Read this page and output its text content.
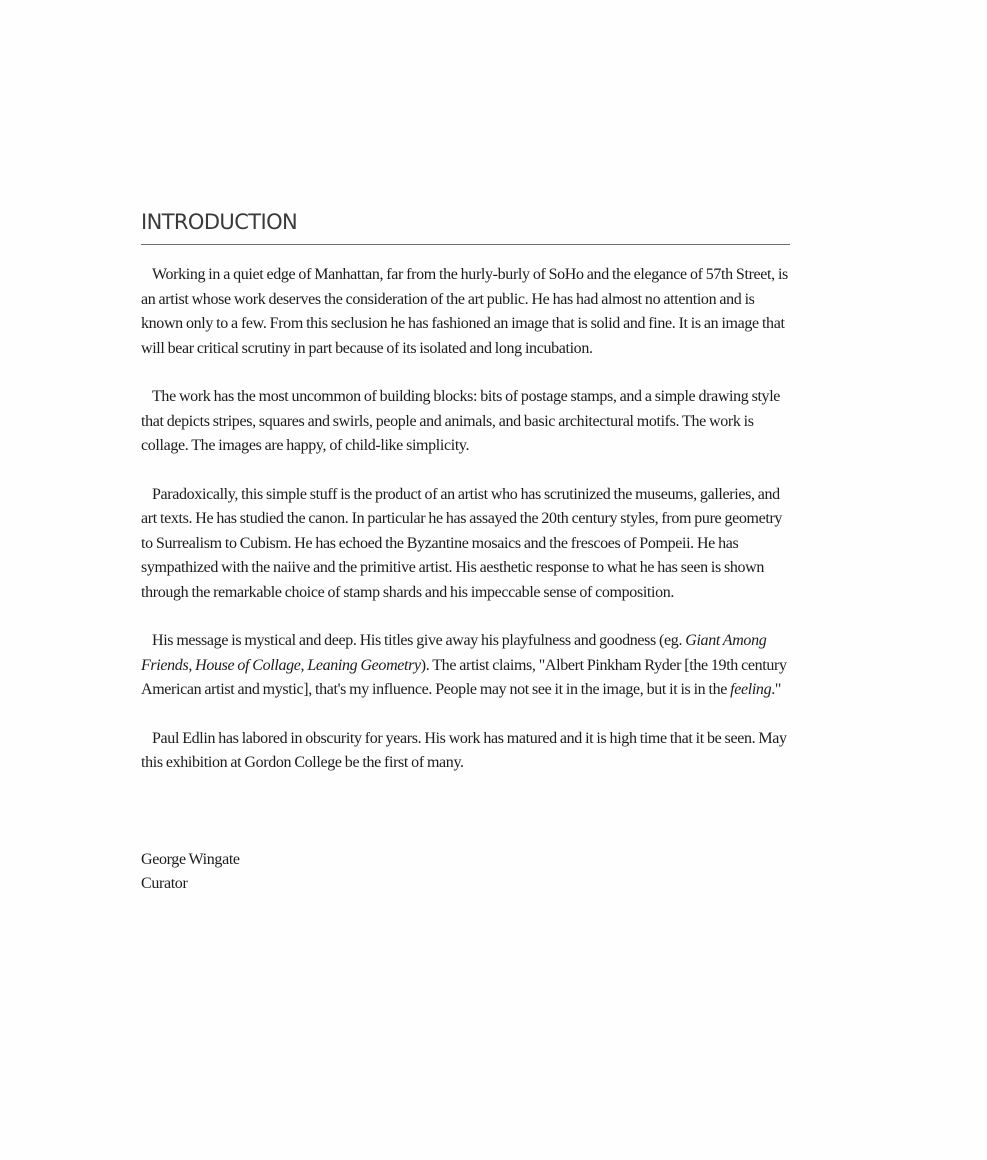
INTRODUCTION

Working in a quiet edge of Manhattan, far from the hurly-burly of SoHo and the elegance of 57th Street, is an artist whose work deserves the consideration of the art public. He has had almost no attention and is known only to a few. From this seclusion he has fashioned an image that is solid and fine. It is an image that will bear critical scrutiny in part because of its isolated and long incubation.

The work has the most uncommon of building blocks: bits of postage stamps, and a simple drawing style that depicts stripes, squares and swirls, people and animals, and basic architectural motifs. The work is collage. The images are happy, of child-like simplicity.

Paradoxically, this simple stuff is the product of an artist who has scrutinized the museums, galleries, and art texts. He has studied the canon. In particular he has assayed the 20th century styles, from pure geometry to Surrealism to Cubism. He has echoed the Byzantine mosaics and the frescoes of Pompeii. He has sympathized with the naiive and the primitive artist. His aesthetic response to what he has seen is shown through the remarkable choice of stamp shards and his impeccable sense of composition.

His message is mystical and deep. His titles give away his playfulness and goodness (eg. Giant Among Friends, House of Collage, Leaning Geometry). The artist claims, "Albert Pinkham Ryder [the 19th century American artist and mystic], that's my influence. People may not see it in the image, but it is in the feeling."

Paul Edlin has labored in obscurity for years. His work has matured and it is high time that it be seen. May this exhibition at Gordon College be the first of many.

George Wingate
Curator
